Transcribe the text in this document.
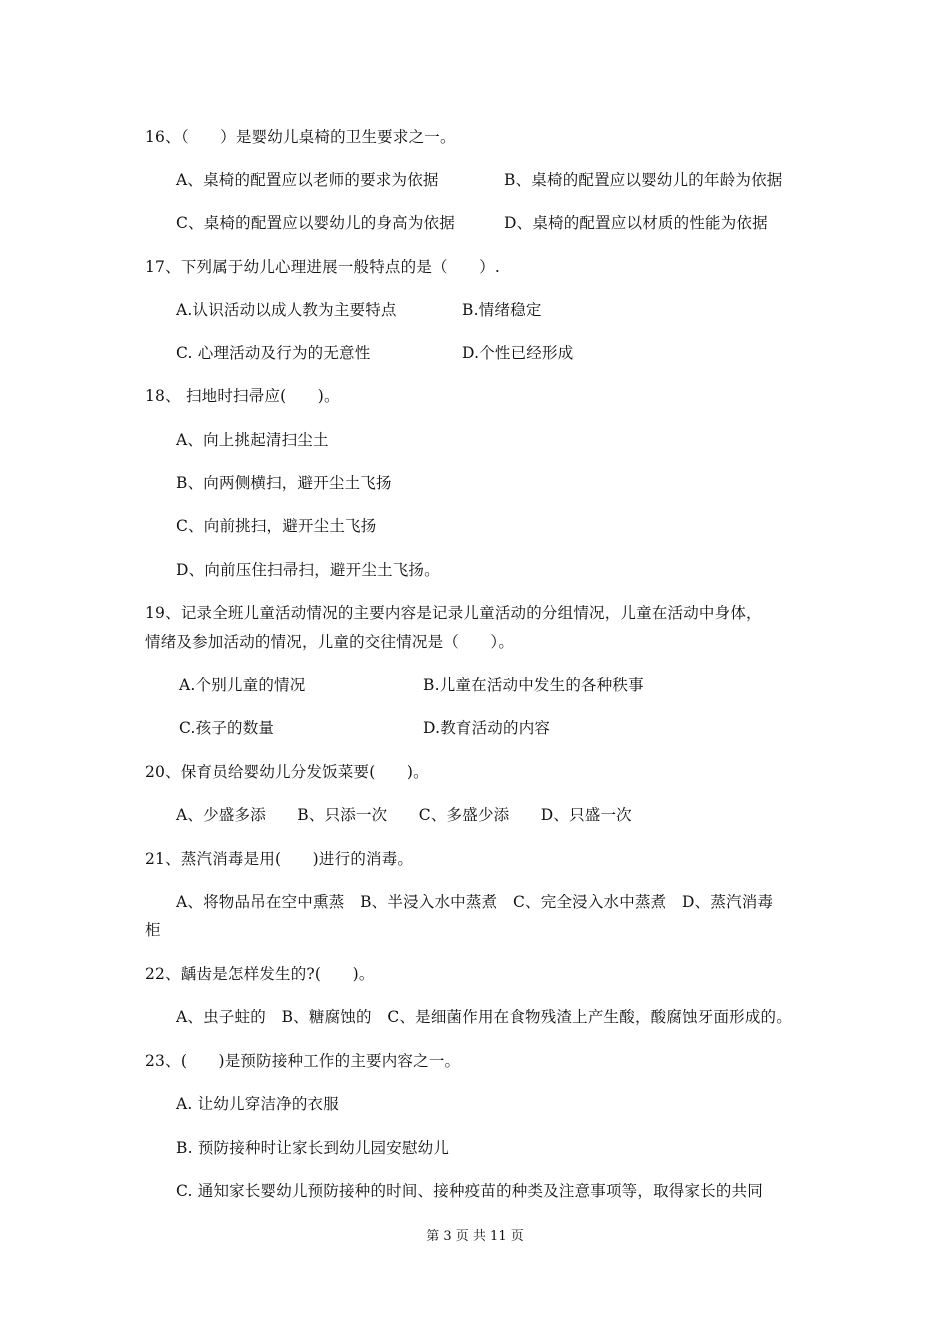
16、（　　）是婴幼儿桌椅的卫生要求之一。
A、桌椅的配置应以老师的要求为依据	B、桌椅的配置应以婴幼儿的年龄为依据
C、桌椅的配置应以婴幼儿的身高为依据	D、桌椅的配置应以材质的性能为依据
17、下列属于幼儿心理进展一般特点的是（　　）.
A.认识活动以成人教为主要特点	B.情绪稳定
C. 心理活动及行为的无意性	D.个性已经形成
18、 扫地时扫帚应(　　)。
A、向上挑起清扫尘土
B、向两侧横扫，避开尘土飞扬
C、向前挑扫，避开尘土飞扬
D、向前压住扫帚扫，避开尘土飞扬。
19、记录全班儿童活动情况的主要内容是记录儿童活动的分组情况，儿童在活动中身体，
情绪及参加活动的情况，儿童的交往情况是（　　）。
A.个别儿童的情况	B.儿童在活动中发生的各种秩事
C.孩子的数量	D.教育活动的内容
20、保育员给婴幼儿分发饭菜要(　　)。
A、少盛多添　　B、只添一次　　C、多盛少添　　D、只盛一次
21、蒸汽消毒是用(　　)进行的消毒。
A、将物品吊在空中熏蒸　B、半浸入水中蒸煮　C、完全浸入水中蒸煮　D、蒸汽消毒
柜
22、龋齿是怎样发生的?(　　)。
A、虫子蛀的　B、糖腐蚀的　C、是细菌作用在食物残渣上产生酸，酸腐蚀牙面形成的。
23、(　　)是预防接种工作的主要内容之一。
A. 让幼儿穿洁净的衣服
B. 预防接种时让家长到幼儿园安慰幼儿
C. 通知家长婴幼儿预防接种的时间、接种疫苗的种类及注意事项等，取得家长的共同
第 3 页 共 11 页
